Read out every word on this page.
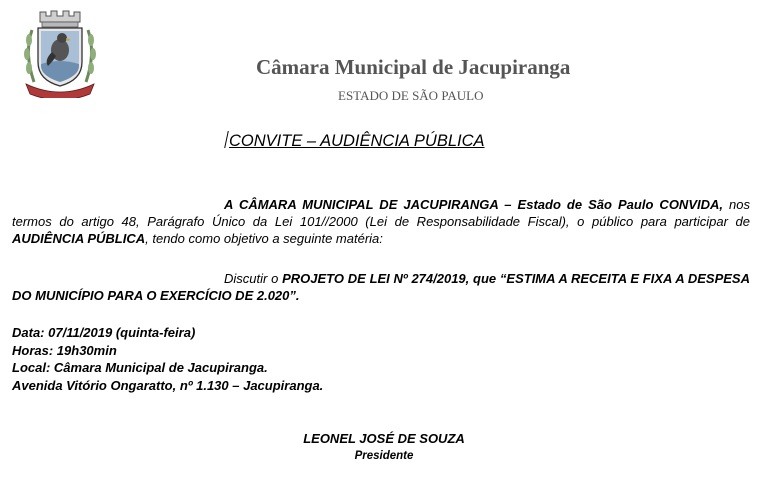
Câmara Municipal de Jacupiranga
ESTADO DE SÃO PAULO
CONVITE – AUDIÊNCIA PÚBLICA
A CÂMARA MUNICIPAL DE JACUPIRANGA – Estado de São Paulo CONVIDA, nos termos do artigo 48, Parágrafo Único da Lei 101//2000 (Lei de Responsabilidade Fiscal), o público para participar de AUDIÊNCIA PÚBLICA, tendo como objetivo a seguinte matéria:
Discutir o PROJETO DE LEI Nº 274/2019, que “ESTIMA A RECEITA E FIXA A DESPESA DO MUNICÍPIO PARA O EXERCÍCIO DE 2.020”.
Data: 07/11/2019 (quinta-feira)
Horas: 19h30min
Local: Câmara Municipal de Jacupiranga.
Avenida Vitório Ongaratto, nº 1.130 – Jacupiranga.
LEONEL JOSÉ DE SOUZA
Presidente
